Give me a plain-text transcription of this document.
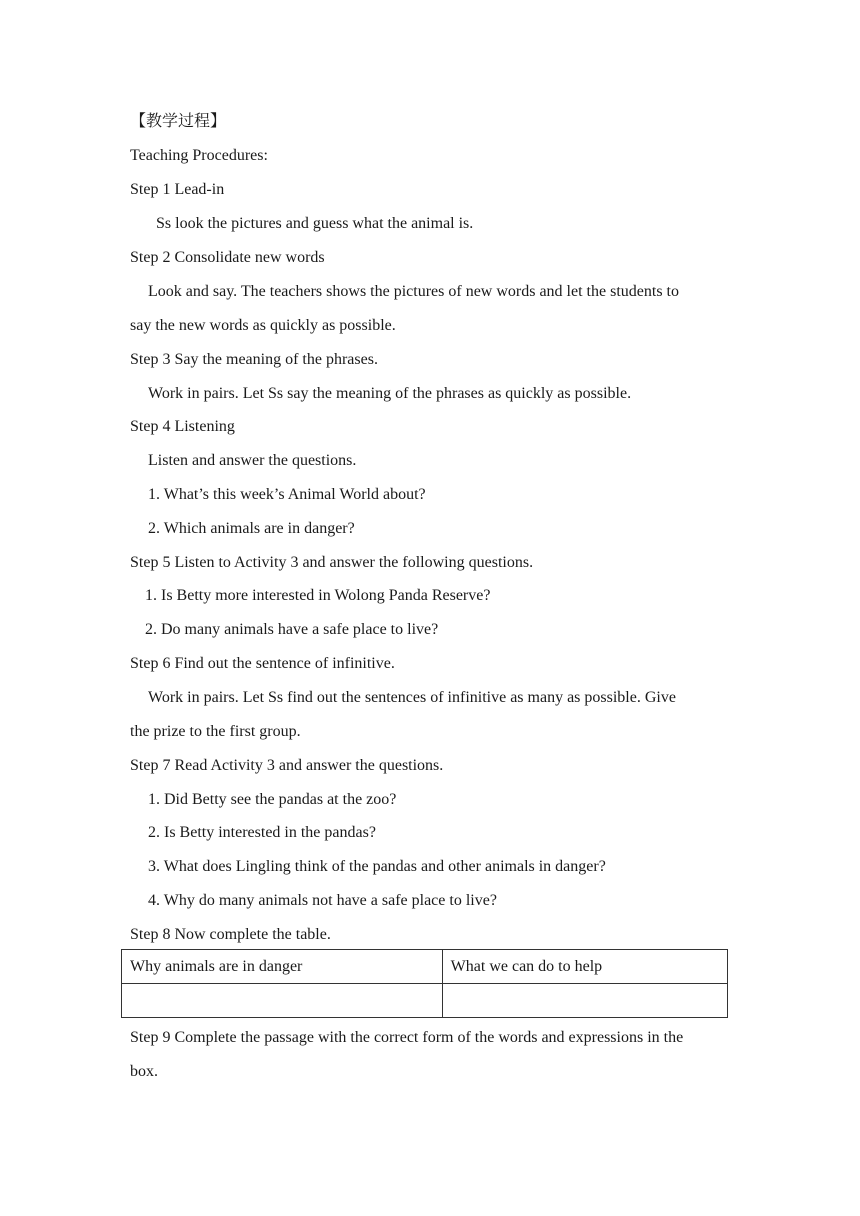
【教学过程】
Teaching Procedures:
Step 1 Lead-in
Ss look the pictures and guess what the animal is.
Step 2 Consolidate new words
Look and say. The teachers shows the pictures of new words and let the students to
say the new words as quickly as possible.
Step 3 Say the meaning of the phrases.
Work in pairs. Let Ss say the meaning of the phrases as quickly as possible.
Step 4 Listening
Listen and answer the questions.
1. What’s this week’s Animal World about?
2. Which animals are in danger?
Step 5 Listen to Activity 3 and answer the following questions.
1. Is Betty more interested in Wolong Panda Reserve?
2. Do many animals have a safe place to live?
Step 6 Find out the sentence of infinitive.
Work in pairs. Let Ss find out the sentences of infinitive as many as possible. Give
the prize to the first group.
Step 7 Read Activity 3 and answer the questions.
1. Did Betty see the pandas at the zoo?
2. Is Betty interested in the pandas?
3. What does Lingling think of the pandas and other animals in danger?
4. Why do many animals not have a safe place to live?
Step 8 Now complete the table.
Why animals are in danger	What we can do to help

Step 9 Complete the passage with the correct form of the words and expressions in the
box.
